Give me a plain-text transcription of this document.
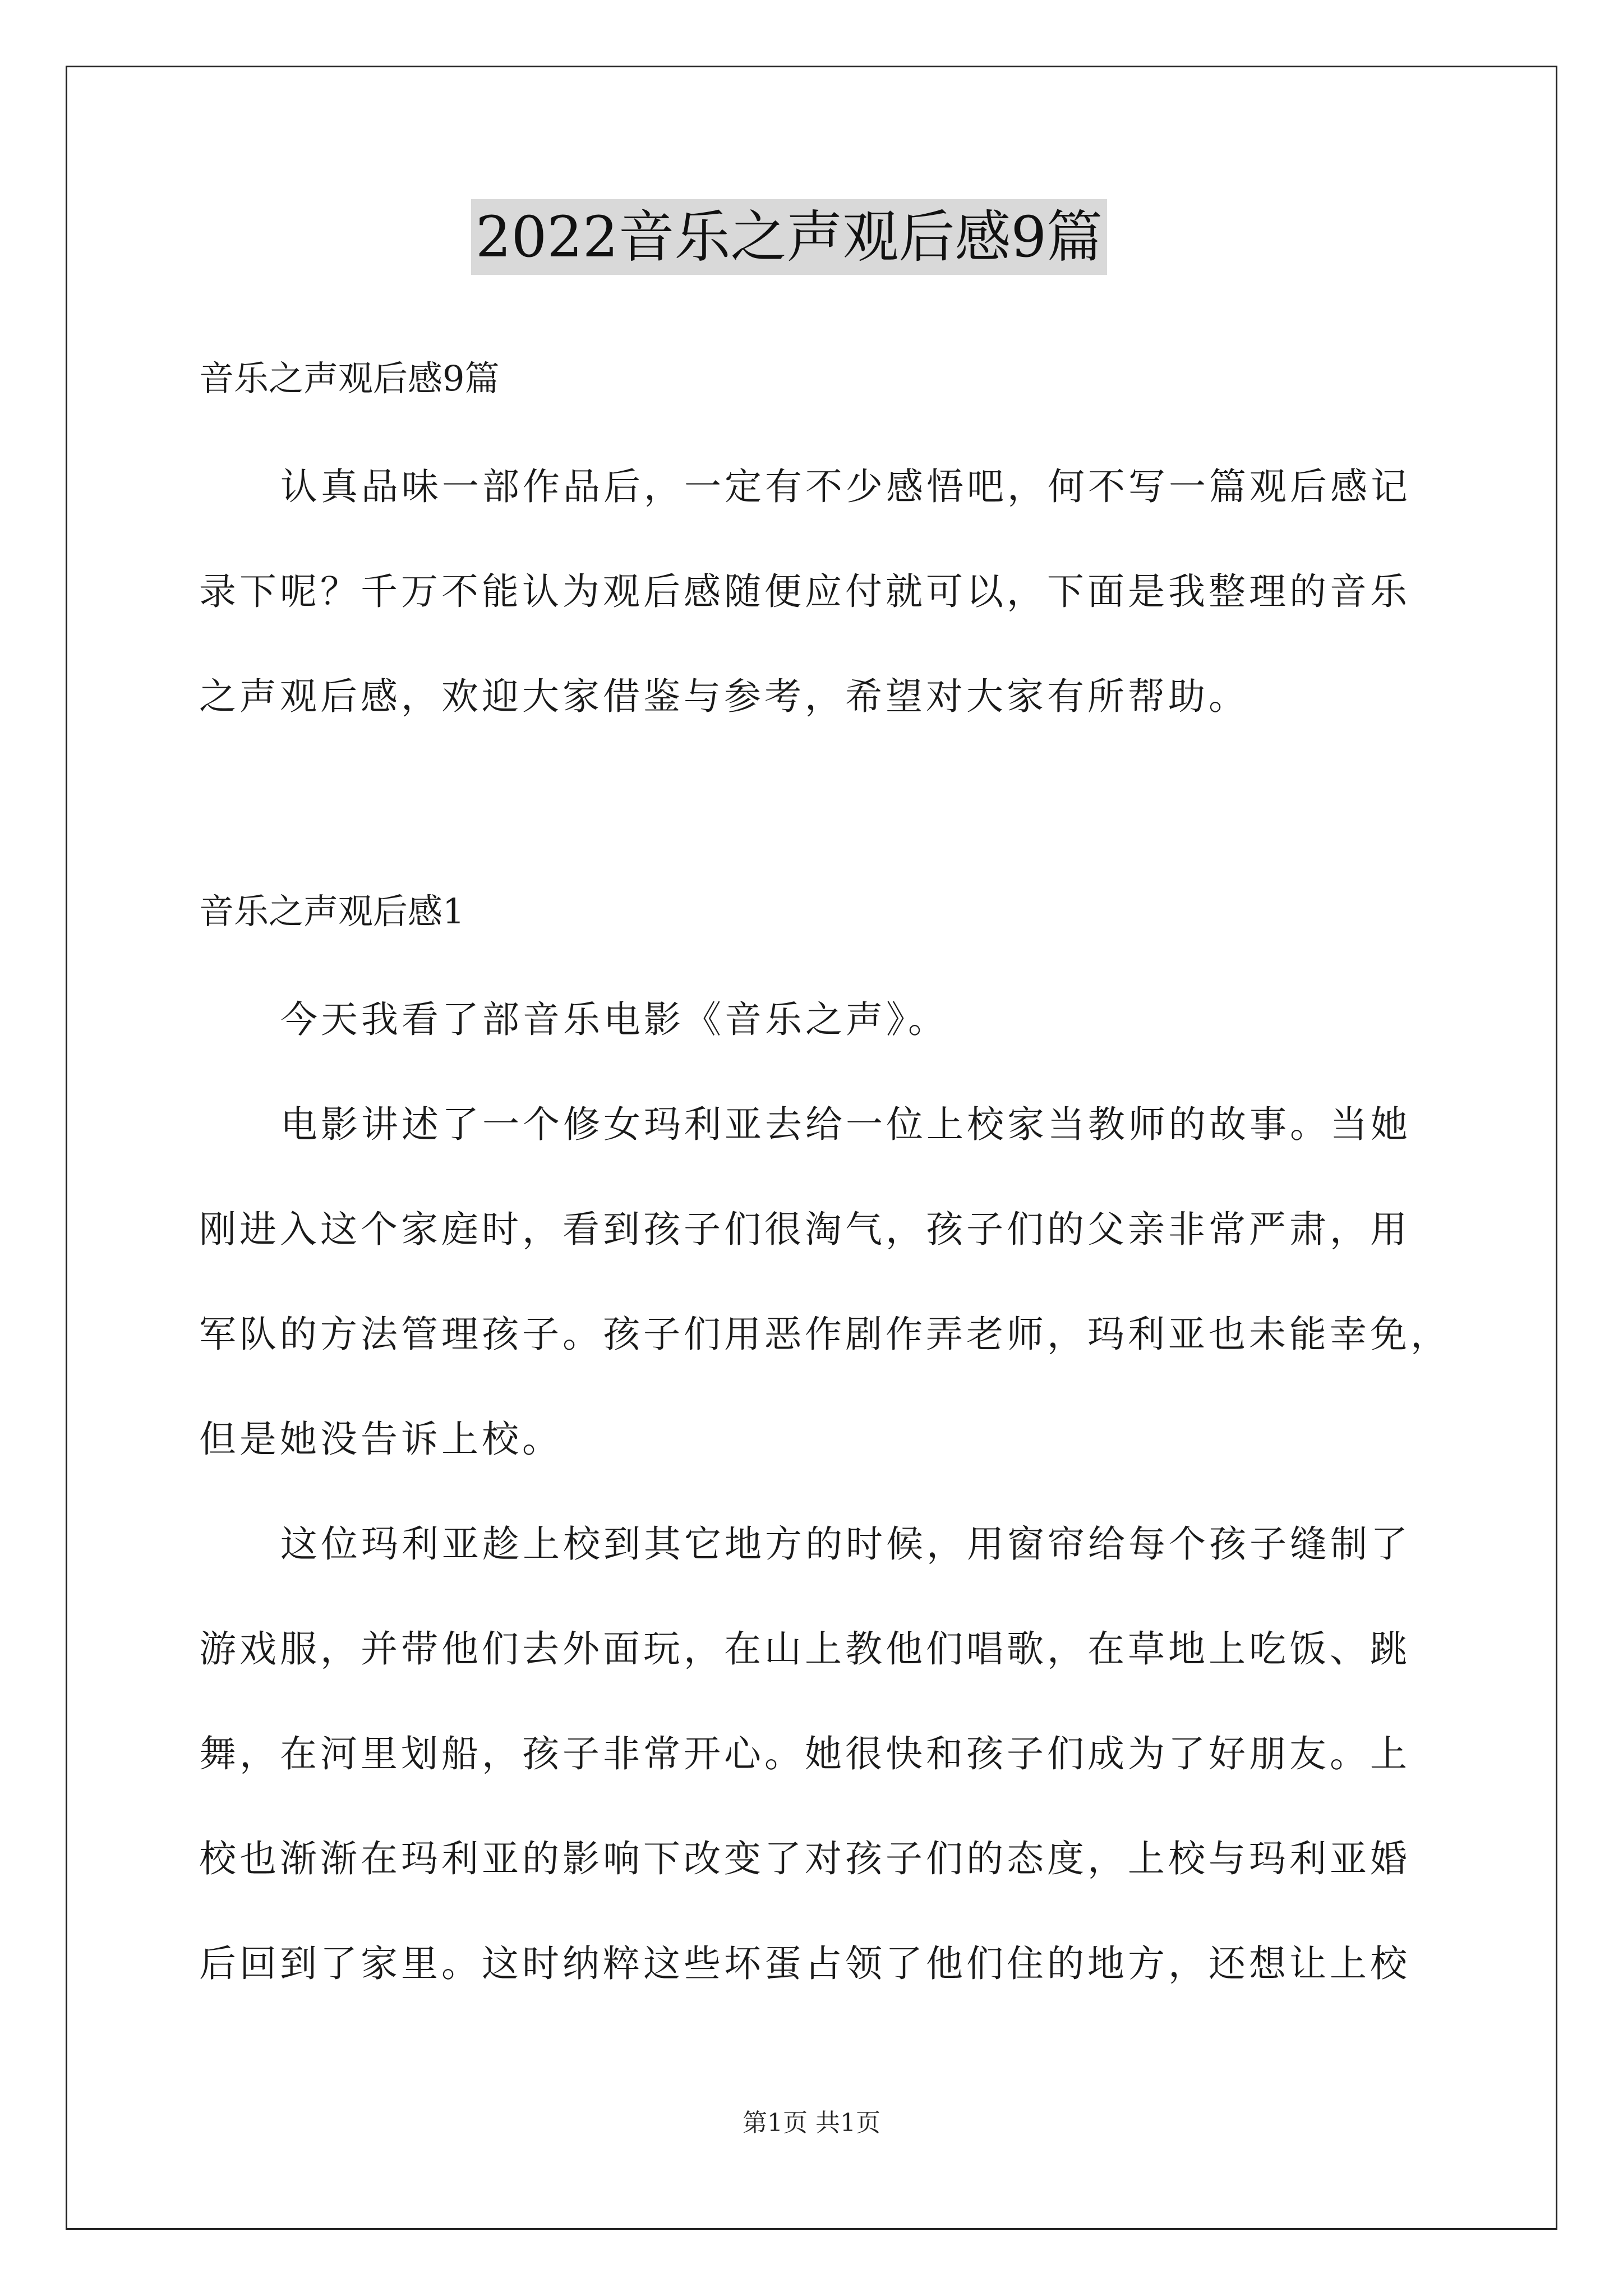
2022音乐之声观后感9篇
音乐之声观后感9篇
认真品味一部作品后，一定有不少感悟吧，何不写一篇观后感记
录下呢？千万不能认为观后感随便应付就可以，下面是我整理的音乐
之声观后感，欢迎大家借鉴与参考，希望对大家有所帮助。
音乐之声观后感1
今天我看了部音乐电影《音乐之声》。
电影讲述了一个修女玛利亚去给一位上校家当教师的故事。当她
刚进入这个家庭时，看到孩子们很淘气，孩子们的父亲非常严肃，用
军队的方法管理孩子。孩子们用恶作剧作弄老师，玛利亚也未能幸免，
但是她没告诉上校。
这位玛利亚趁上校到其它地方的时候，用窗帘给每个孩子缝制了
游戏服，并带他们去外面玩，在山上教他们唱歌，在草地上吃饭、跳
舞，在河里划船，孩子非常开心。她很快和孩子们成为了好朋友。上
校也渐渐在玛利亚的影响下改变了对孩子们的态度，上校与玛利亚婚
后回到了家里。这时纳粹这些坏蛋占领了他们住的地方，还想让上校
第1页 共1页
